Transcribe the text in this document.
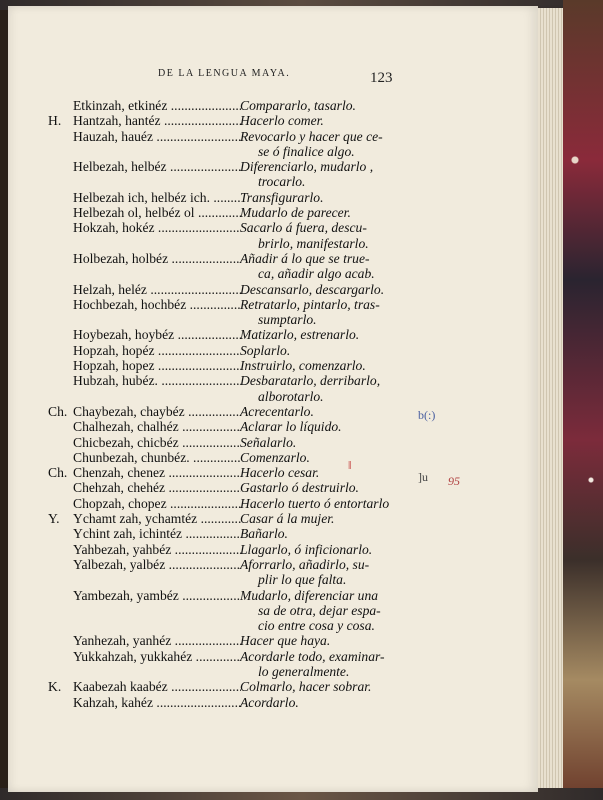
DE LA LENGUA MAYA.	123
Etkinzah, etkinéz .....	Compararlo, tasarlo.
H. Hantzah, hantéz .....	Hacerlo comer.
Hauzah, hauéz .....	Revocarlo y hacer que ce-
se ó finalice algo.
Helbezah, helbéz .....	Diferenciarlo, mudarlo ,
trocarlo.
Helbezah ich, helbéz ich. .....	Transfigurarlo.
Helbezah ol, helbéz ol .....	Mudarlo de parecer.
Hokzah, hokéz .....	Sacarlo á fuera, descu-
brirlo, manifestarlo.
Holbezah, holbéz .....	Añadir á lo que se true-
ca, añadir algo acab.
Helzah, heléz .....	Descansarlo, descargarlo.
Hochbezah, hochbéz .....	Retratarlo, pintarlo, tras-
sumptarlo.
Hoybezah, hoybéz .....	Matizarlo, estrenarlo.
Hopzah, hopéz .....	Soplarlo.
Hopzah, hopez .....	Instruirlo, comenzarlo.
Hubzah, hubéz. .....	Desbaratarlo, derribarlo,
alborotarlo.
Ch. Chaybezah, chaybéz .....	Acrecentarlo.
Chalhezah, chalhéz .....	Aclarar lo líquido.
Chicbezah, chicbéz .....	Señalarlo.
Chunbezah, chunbéz. .....	Comenzarlo.
Ch. Chenzah, chenez .....	Hacerlo cesar.
Chehzah, chehéz .....	Gastarlo ó destruirlo.
Chopzah, chopez .....	Hacerlo tuerto ó entortarlo
Y. Ychamt zah, ychamtéz .....	Casar á la mujer.
Ychint zah, ichintéz .....	Bañarlo.
Yahbezah, yahbéz .....	Llagarlo, ó inficionarlo.
Yalbezah, yalbéz .....	Aforrarlo, añadirlo, su-
plir lo que falta.
Yambezah, yambéz .....	Mudarlo, diferenciar una
sa de otra, dejar espa-
cio entre cosa y cosa.
Yanhezah, yanhéz .....	Hacer que haya.
Yukkahzah, yukkahéz .....	Acordarle todo, examinar-
lo generalmente.
K. Kaabezah kaabéz .....	Colmarlo, hacer sobrar.
Kahzah, kahéz .....	Acordarlo.
b(:)
]u 95
‖
